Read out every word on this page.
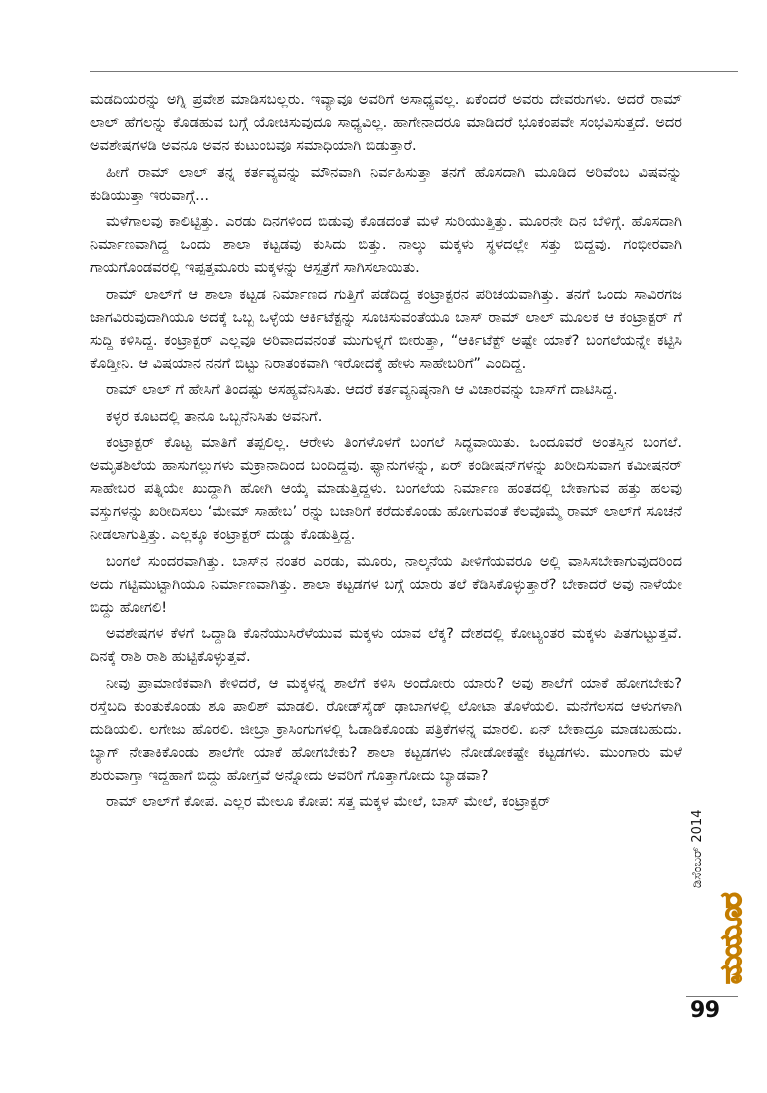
ಮಡದಿಯರನ್ನು ಅಗ್ನಿ ಪ್ರವೇಶ ಮಾಡಿಸಬಲ್ಲರು. ಇವ್ಯಾವೂ ಅವರಿಗೆ ಅಸಾಧ್ಯವಲ್ಲ. ಏಕೆಂದರೆ ಅವರು ದೇವರುಗಳು. ಅದರೆ ರಾಮ್ ಲಾಲ್ ಹೆಗಲನ್ನು ಕೊಡಹುವ ಬಗ್ಗೆ ಯೋಚಿಸುವುದೂ ಸಾಧ್ಯವಿಲ್ಲ. ಹಾಗೇನಾದರೂ ಮಾಡಿದರೆ ಭೂಕಂಪವೇ ಸಂಭವಿಸುತ್ತದೆ. ಅದರ ಅವಶೇಷಗಳಡಿ ಅವನೂ ಅವನ ಕುಟುಂಬವೂ ಸಮಾಧಿಯಾಗಿ ಬಿಡುತ್ತಾರೆ.

ಹೀಗೆ ರಾಮ್ ಲಾಲ್ ತನ್ನ ಕರ್ತವ್ಯವನ್ನು ಮೌನವಾಗಿ ನಿರ್ವಹಿಸುತ್ತಾ ತನಗೆ ಹೊಸದಾಗಿ ಮೂಡಿದ ಅರಿವೆಂಬ ವಿಷವನ್ನು ಕುಡಿಯುತ್ತಾ ಇರುವಾಗ್ಗೆ...

ಮಳೆಗಾಲವು ಕಾಲಿಟ್ಟಿತ್ತು. ಎರಡು ದಿನಗಳಿಂದ ಬಿಡುವು ಕೊಡದಂತೆ ಮಳೆ ಸುರಿಯುತ್ತಿತ್ತು. ಮೂರನೇ ದಿನ ಬೆಳಿಗ್ಗೆ. ಹೊಸದಾಗಿ ನಿರ್ಮಾಣವಾಗಿದ್ದ ಒಂದು ಶಾಲಾ ಕಟ್ಟಡವು ಕುಸಿದು ಬಿತ್ತು. ನಾಲ್ಕು ಮಕ್ಕಳು ಸ್ಥಳದಲ್ಲೇ ಸತ್ತು ಬಿದ್ದವು. ಗಂಭೀರವಾಗಿ ಗಾಯಗೊಂಡವರಲ್ಲಿ ಇಪ್ಪತ್ತಮೂರು ಮಕ್ಕಳನ್ನು ಆಸ್ಪತ್ರೆಗೆ ಸಾಗಿಸಲಾಯಿತು.

ರಾಮ್ ಲಾಲ್‌ಗೆ ಆ ಶಾಲಾ ಕಟ್ಟಡ ನಿರ್ಮಾಣದ ಗುತ್ತಿಗೆ ಪಡೆದಿದ್ದ ಕಂಟ್ರಾಕ್ಟರನ ಪರಿಚಯವಾಗಿತ್ತು. ತನಗೆ ಒಂದು ಸಾವಿರಗಜ ಜಾಗವಿರುವುದಾಗಿಯೂ ಅದಕ್ಕೆ ಒಬ್ಬ ಒಳ್ಳೆಯ ಆರ್ಕಿಟೆಕ್ಟನ್ನು ಸೂಚಿಸುವಂತೆಯೂ ಬಾಸ್ ರಾಮ್ ಲಾಲ್ ಮೂಲಕ ಆ ಕಂಟ್ರಾಕ್ಟರ್ ಗೆ ಸುದ್ದಿ ಕಳಿಸಿದ್ದ. ಕಂಟ್ರಾಕ್ಟರ್ ಎಲ್ಲವೂ ಅರಿವಾದವನಂತೆ ಮುಗುಳ್ನಗೆ ಬೀರುತ್ತಾ, “ಆರ್ಕಿಟೆಕ್ಟ್ ಅಷ್ಟೇ ಯಾಕೆ? ಬಂಗಲೆಯನ್ನೇ ಕಟ್ಟಿಸಿ ಕೊಡ್ತೀನಿ. ಆ ವಿಷಯಾನ ನನಗೆ ಬಿಟ್ಟು ನಿರಾತಂಕವಾಗಿ ಇರೋದಕ್ಕೆ ಹೇಳು ಸಾಹೇಬರಿಗೆ” ಎಂದಿದ್ದ.

ರಾಮ್ ಲಾಲ್ ಗೆ ಹೇಸಿಗೆ ತಿಂದಷ್ಟು ಅಸಹ್ಯವೆನಿಸಿತು. ಆದರೆ ಕರ್ತವ್ಯನಿಷ್ಠನಾಗಿ ಆ ವಿಚಾರವನ್ನು ಬಾಸ್‌ಗೆ ದಾಟಿಸಿದ್ದ.

ಕಳ್ಳರ ಕೂಟದಲ್ಲಿ ತಾನೂ ಒಬ್ಬನೆನಿಸಿತು ಅವನಿಗೆ.

ಕಂಟ್ರಾಕ್ಟರ್ ಕೊಟ್ಟ ಮಾತಿಗೆ ತಪ್ಪಲಿಲ್ಲ. ಆರೇಳು ತಿಂಗಳೊಳಗೆ ಬಂಗಲೆ ಸಿದ್ಧವಾಯಿತು. ಒಂದೂವರೆ ಅಂತಸ್ತಿನ ಬಂಗಲೆ. ಅಮೃತಶಿಲೆಯ ಹಾಸುಗಲ್ಲುಗಳು ಮಕ್ರಾನಾದಿಂದ ಬಂದಿದ್ದವು. ಫ್ಯಾನುಗಳನ್ನು, ಏರ್ ಕಂಡೀಷನ್‌ಗಳನ್ನು ಖರೀದಿಸುವಾಗ ಕಮೀಷನರ್ ಸಾಹೇಬರ ಪತ್ನಿಯೇ ಖುದ್ದಾಗಿ ಹೋಗಿ ಆಯ್ಕೆ ಮಾಡುತ್ತಿದ್ದಳು. ಬಂಗಲೆಯ ನಿರ್ಮಾಣ ಹಂತದಲ್ಲಿ ಬೇಕಾಗುವ ಹತ್ತು ಹಲವು ವಸ್ತುಗಳನ್ನು ಖರೀದಿಸಲು ‘ಮೇಮ್ ಸಾಹೇಬ’ ರನ್ನು ಬಜಾರಿಗೆ ಕರೆದುಕೊಂಡು ಹೋಗುವಂತೆ ಕೆಲವೊಮ್ಮೆ ರಾಮ್ ಲಾಲ್‌ಗೆ ಸೂಚನೆ ನೀಡಲಾಗುತ್ತಿತ್ತು. ಎಲ್ಲಕ್ಕೂ ಕಂಟ್ರಾಕ್ಟರ್ ದುಡ್ಡು ಕೊಡುತ್ತಿದ್ದ.

ಬಂಗಲೆ ಸುಂದರವಾಗಿತ್ತು. ಬಾಸ್‌ನ ನಂತರ ಎರಡು, ಮೂರು, ನಾಲ್ಕನೆಯ ಪೀಳಿಗೆಯವರೂ ಅಲ್ಲಿ ವಾಸಿಸಬೇಕಾಗುವುದರಿಂದ ಅದು ಗಟ್ಟಿಮುಟ್ಟಾಗಿಯೂ ನಿರ್ಮಾಣವಾಗಿತ್ತು. ಶಾಲಾ ಕಟ್ಟಡಗಳ ಬಗ್ಗೆ ಯಾರು ತಲೆ ಕೆಡಿಸಿಕೊಳ್ಳುತ್ತಾರೆ? ಬೇಕಾದರೆ ಅವು ನಾಳೆಯೇ ಬಿದ್ದು ಹೋಗಲಿ!

ಅವಶೇಷಗಳ ಕೆಳಗೆ ಒದ್ದಾಡಿ ಕೊನೆಯುಸಿರೆಳೆಯುವ ಮಕ್ಕಳು ಯಾವ ಲೆಕ್ಕ? ದೇಶದಲ್ಲಿ ಕೋಟ್ಯಂತರ ಮಕ್ಕಳು ಪಿತಗುಟ್ಟುತ್ತವೆ. ದಿನಕ್ಕೆ ರಾಶಿ ರಾಶಿ ಹುಟ್ಟಿಕೊಳ್ಳುತ್ತವೆ.

ನೀವು ಪ್ರಾಮಾಣಿಕವಾಗಿ ಕೇಳಿದರೆ, ಆ ಮಕ್ಕಳನ್ನ ಶಾಲೆಗೆ ಕಳಿಸಿ ಅಂದೋರು ಯಾರು? ಅವು ಶಾಲೆಗೆ ಯಾಕೆ ಹೋಗಬೇಕು? ರಸ್ತೆಬದಿ ಕುಂತುಕೊಂಡು ಶೂ ಪಾಲಿಶ್ ಮಾಡಲಿ. ರೋಡ್‌ಸೈಡ್ ಢಾಬಾಗಳಲ್ಲಿ ಲೋಟಾ ತೊಳೆಯಲಿ. ಮನೆಗೆಲಸದ ಆಳುಗಳಾಗಿ ದುಡಿಯಲಿ. ಲಗೇಜು ಹೊರಲಿ. ಜೀಬ್ರಾ ಕ್ರಾಸಿಂಗುಗಳಲ್ಲಿ ಓಡಾಡಿಕೊಂಡು ಪತ್ರಿಕೆಗಳನ್ನ ಮಾರಲಿ. ಏನ್ ಬೇಕಾದ್ರೂ ಮಾಡಬಹುದು. ಬ್ಯಾಗ್ ನೇತಾಕಿಕೊಂಡು ಶಾಲೆಗೇ ಯಾಕೆ ಹೋಗಬೇಕು? ಶಾಲಾ ಕಟ್ಟಡಗಳು ನೋಡೋಕಷ್ಟೇ ಕಟ್ಟಡಗಳು. ಮುಂಗಾರು ಮಳೆ ಶುರುವಾಗ್ತಾ ಇದ್ದಹಾಗೆ ಬಿದ್ದು ಹೋಗ್ತವೆ ಅನ್ನೋದು ಅವರಿಗೆ ಗೊತ್ತಾಗೋದು ಬ್ಯಾಡವಾ?

ರಾಮ್ ಲಾಲ್‌ಗೆ ಕೋಪ. ಎಲ್ಲರ ಮೇಲೂ ಕೋಪ: ಸತ್ತ ಮಕ್ಕಳ ಮೇಲೆ, ಬಾಸ್ ಮೇಲೆ, ಕಂಟ್ರಾಕ್ಟರ್

ಡಿಸೆಂಬರ್ 2014
ಮಯೂರ
99
